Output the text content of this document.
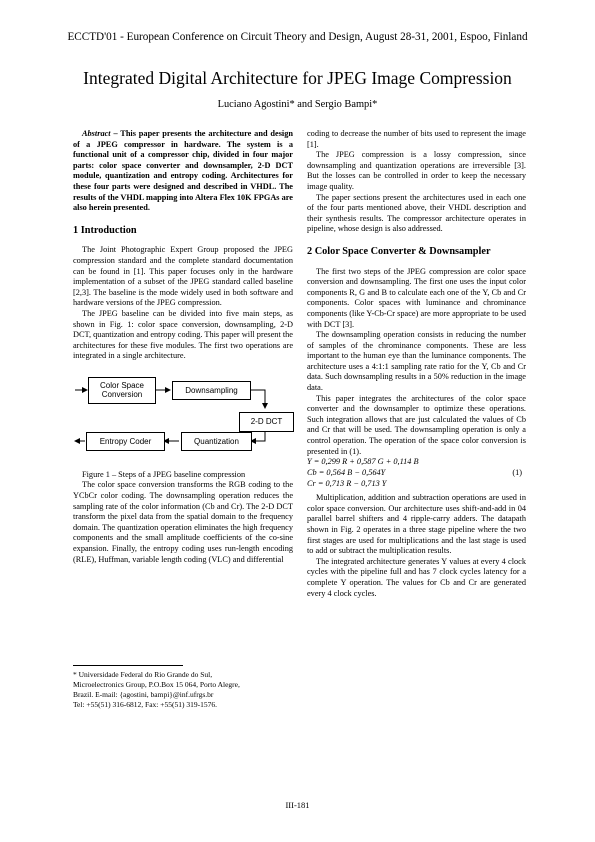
ECCTD'01 - European Conference on Circuit Theory and Design, August 28-31, 2001, Espoo, Finland
Integrated Digital Architecture for JPEG Image Compression
Luciano Agostini* and Sergio Bampi*

Abstract – This paper presents the architecture and design of a JPEG compressor in hardware. The system is a functional unit of a compressor chip, divided in four major parts: color space converter and downsampler, 2-D DCT module, quantization and entropy coding. Architectures for these four parts were designed and described in VHDL. The results of the VHDL mapping into Altera Flex 10K FPGAs are also herein presented.

1 Introduction

The Joint Photographic Expert Group proposed the JPEG compression standard and the complete standard documentation can be found in [1]. This paper focuses only in the hardware implementation of a subset of the JPEG standard called baseline [2,3]. The baseline is the mode widely used in both software and hardware versions of the JPEG compression.

The JPEG baseline can be divided into five main steps, as shown in Fig. 1: color space conversion, downsampling, 2-D DCT, quantization and entropy coding. This paper will present the architectures for these five modules. The first two operations are integrated in a single architecture.

Color Space Conversion	Downsampling
2-D DCT
Quantization
Entropy Coder

Figure 1 – Steps of a JPEG baseline compression

The color space conversion transforms the RGB coding to the YCbCr color coding. The downsampling operation reduces the sampling rate of the color information (Cb and Cr). The 2-D DCT transform the pixel data from the spatial domain to the frequency domain. The quantization operation eliminates the high frequency components and the small amplitude coefficients of the co-sine expansion. Finally, the entropy coding uses run-length encoding (RLE), Huffman, variable length coding (VLC) and differential

coding to decrease the number of bits used to represent the image [1].

The JPEG compression is a lossy compression, since downsampling and quantization operations are irreversible [3]. But the losses can be controlled in order to keep the necessary image quality.

The paper sections present the architectures used in each one of the four parts mentioned above, their VHDL description and their synthesis results. The compressor architecture operates in pipeline, whose design is also addressed.

2 Color Space Converter & Downsampler

The first two steps of the JPEG compression are color space conversion and downsampling. The first one uses the input color components R, G and B to calculate each one of the Y, Cb and Cr components. Color spaces with luminance and chrominance components (like Y-Cb-Cr space) are more appropriate to be used with DCT [3].

The downsampling operation consists in reducing the number of samples of the chrominance components. These are less important to the human eye than the luminance components. The architecture uses a 4:1:1 sampling rate ratio for the Y, Cb and Cr data. Such downsampling results in a 50% reduction in the image data.

This paper integrates the architectures of the color space converter and the downsampler to optimize these operations. Such integration allows that are just calculated the values of Cb and Cr that will be used. The downsampling operation is only a control operation. The operation of the space color conversion is presented in (1).

Y = 0,299 R + 0,587 G + 0,114 B
Cb = 0,564 B − 0,564Y	(1)
Cr = 0,713 R − 0,713 Y

Multiplication, addition and subtraction operations are used in color space conversion. Our architecture uses shift-and-add in 04 parallel barrel shifters and 4 ripple-carry adders. The datapath shown in Fig. 2 operates in a three stage pipeline where the two first stages are used for multiplications and the last stage is used to add or subtract the multiplication results.

The integrated architecture generates Y values at every 4 clock cycles with the pipeline full and has 7 clock cycles latency for a complete Y operation. The values for Cb and Cr are generated every 4 clock cycles.

* Universidade Federal do Rio Grande do Sul,

Microelectronics Group, P.O.Box 15 064, Porto Alegre,

Brazil. E-mail: {agostini, bampi}@inf.ufrgs.br

Tel: +55(51) 316-6812, Fax: +55(51) 319-1576.

III-181
